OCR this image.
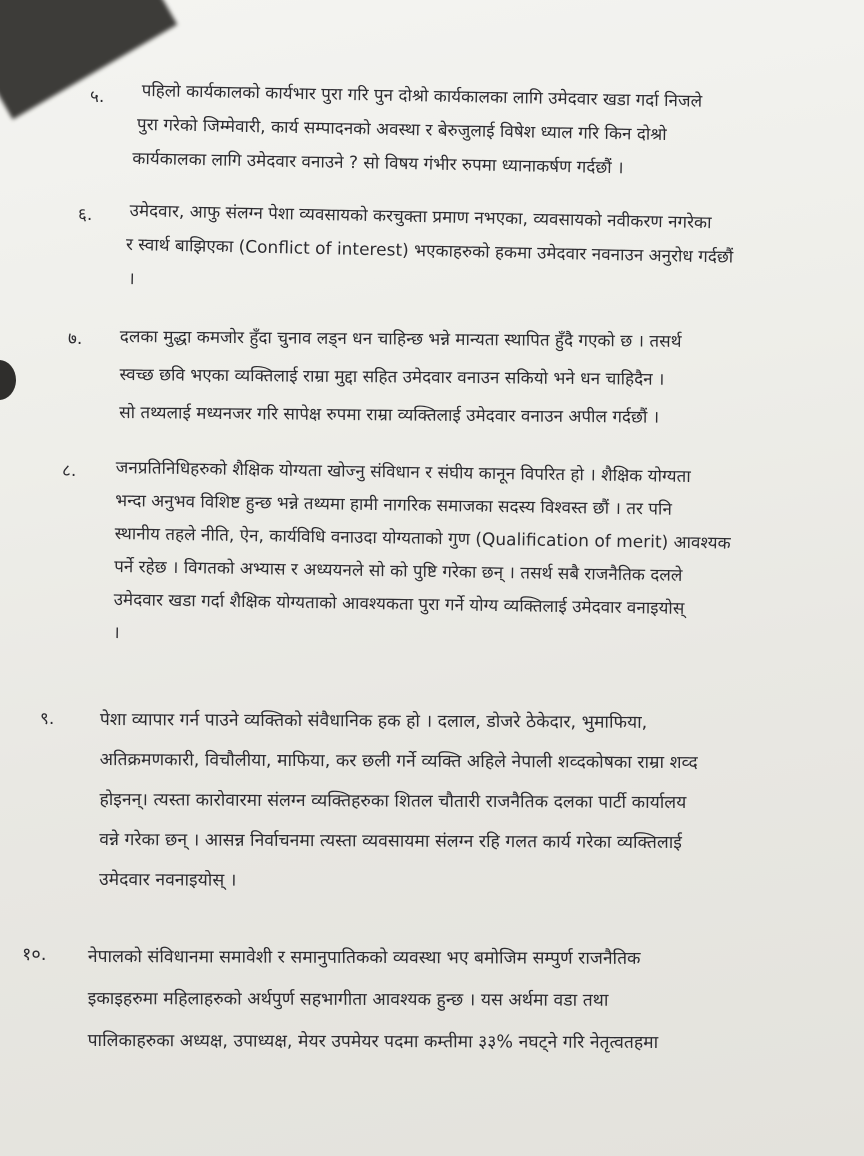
५. पहिलो कार्यकालको कार्यभार पुरा गरि पुन दोश्रो कार्यकालका लागि उमेदवार खडा गर्दा निजले
पुरा गरेको जिम्मेवारी, कार्य सम्पादनको अवस्था र बेरुजुलाई विषेश ध्याल गरि किन दोश्रो
कार्यकालका लागि उमेदवार वनाउने ? सो विषय गंभीर रुपमा ध्यानाकर्षण गर्दछौं ।
६. उमेदवार, आफु संलग्न पेशा व्यवसायको करचुक्ता प्रमाण नभएका, व्यवसायको नवीकरण नगरेका
र स्वार्थ बाझिएका (Conflict of interest) भएकाहरुको हकमा उमेदवार नवनाउन अनुरोध गर्दछौं
।
७. दलका मुद्धा कमजोर हुँदा चुनाव लड्न धन चाहिन्छ भन्ने मान्यता स्थापित हुँदै गएको छ । तसर्थ
स्वच्छ छवि भएका व्यक्तिलाई राम्रा मुद्दा सहित उमेदवार वनाउन सकियो भने धन चाहिदैन ।
सो तथ्यलाई मध्यनजर गरि सापेक्ष रुपमा राम्रा व्यक्तिलाई उमेदवार वनाउन अपील गर्दछौं ।
८. जनप्रतिनिधिहरुको शैक्षिक योग्यता खोज्नु संविधान र संघीय कानून विपरित हो । शैक्षिक योग्यता
भन्दा अनुभव विशिष्ट हुन्छ भन्ने तथ्यमा हामी नागरिक समाजका सदस्य विश्वस्त छौं । तर पनि
स्थानीय तहले नीति, ऐन, कार्यविधि वनाउदा योग्यताको गुण (Qualification of merit) आवश्यक
पर्ने रहेछ । विगतको अभ्यास र अध्ययनले सो को पुष्टि गरेका छन् । तसर्थ सबै राजनैतिक दलले
उमेदवार खडा गर्दा शैक्षिक योग्यताको आवश्यकता पुरा गर्ने योग्य व्यक्तिलाई उमेदवार वनाइयोस्
।
९.	पेशा व्यापार गर्न पाउने व्यक्तिको संवैधानिक हक हो । दलाल, डोजरे ठेकेदार, भुमाफिया,
अतिक्रमणकारी, विचौलीया, माफिया, कर छली गर्ने व्यक्ति अहिले नेपाली शव्दकोषका राम्रा शव्द
होइनन्। त्यस्ता कारोवारमा संलग्न व्यक्तिहरुका शितल चौतारी राजनैतिक दलका पार्टी कार्यालय
वन्ने गरेका छन् । आसन्न निर्वाचनमा त्यस्ता व्यवसायमा संलग्न रहि गलत कार्य गरेका व्यक्तिलाई
उमेदवार नवनाइयोस् ।
१०. नेपालको संविधानमा समावेशी र समानुपातिकको व्यवस्था भए बमोजिम सम्पुर्ण राजनैतिक
इकाइहरुमा महिलाहरुको अर्थपुर्ण सहभागीता आवश्यक हुन्छ । यस अर्थमा वडा तथा
पालिकाहरुका अध्यक्ष, उपाध्यक्ष, मेयर उपमेयर पदमा कम्तीमा ३३% नघट्ने गरि नेतृत्वतहमा
